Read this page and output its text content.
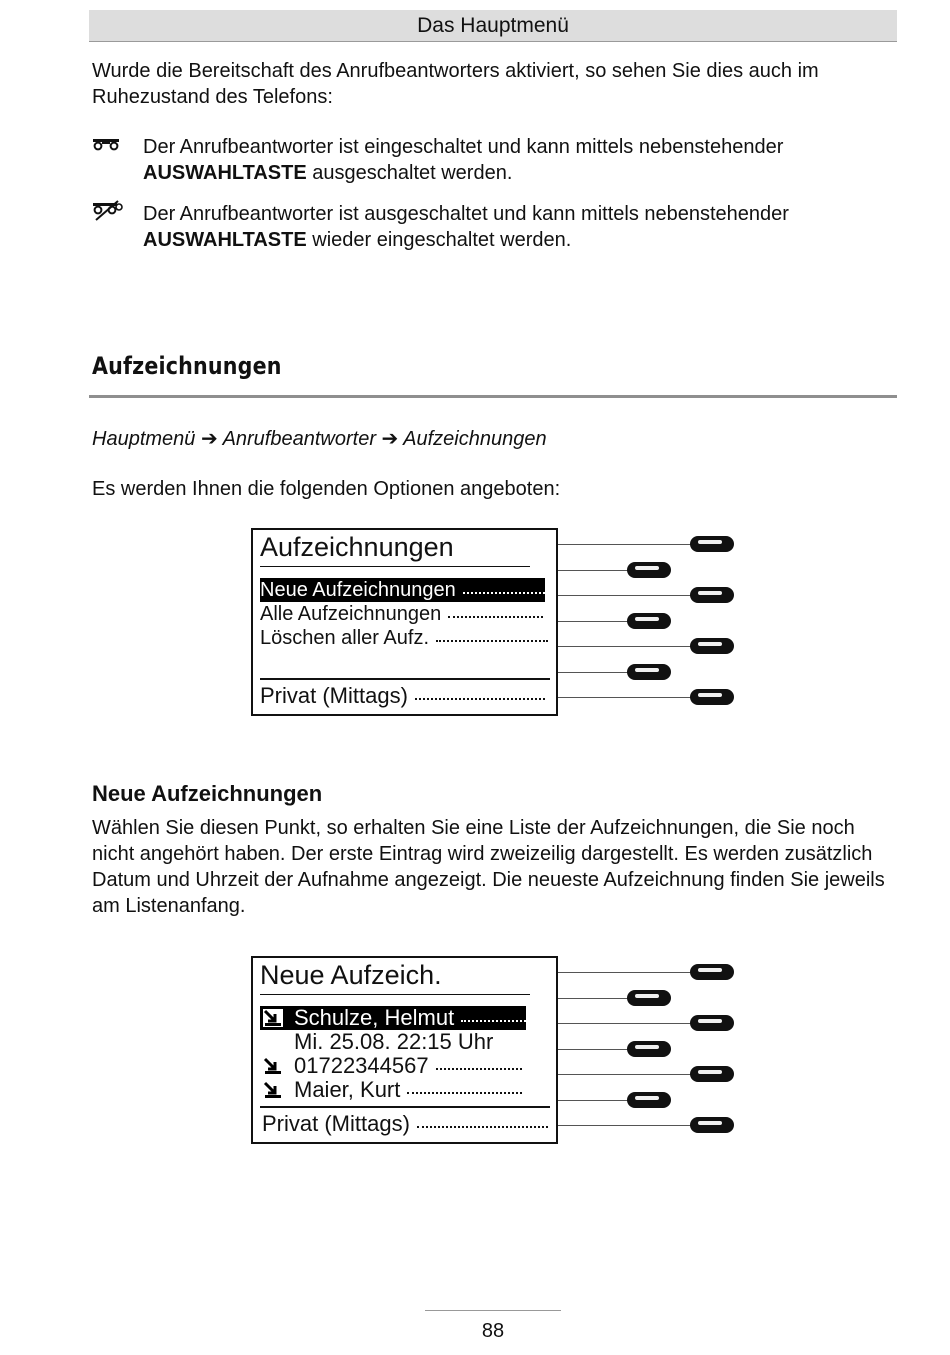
Das Hauptmenü
Wurde die Bereitschaft des Anrufbeantworters aktiviert, so sehen Sie dies auch im Ruhezustand des Telefons:
Der Anrufbeantworter ist eingeschaltet und kann mittels nebenstehender AUSWAHLTASTE ausgeschaltet werden.
Der Anrufbeantworter ist ausgeschaltet und kann mittels nebenstehender AUSWAHLTASTE wieder eingeschaltet werden.
Aufzeichnungen
Hauptmenü ➔ Anrufbeantworter ➔ Aufzeichnungen
Es werden Ihnen die folgenden Optionen angeboten:
Aufzeichnungen
Neue Aufzeichnungen
Alle Aufzeichnungen
Löschen aller Aufz.
Privat (Mittags)
Neue Aufzeichnungen
Wählen Sie diesen Punkt, so erhalten Sie eine Liste der Aufzeichnungen, die Sie noch nicht angehört haben. Der erste Eintrag wird zweizeilig dargestellt. Es werden zusätzlich Datum und Uhrzeit der Aufnahme angezeigt. Die neueste Aufzeichnung finden Sie jeweils am Listenanfang.
Neue Aufzeich.
Schulze, Helmut
Mi. 25.08. 22:15 Uhr
01722344567
Maier, Kurt
Privat (Mittags)
88
